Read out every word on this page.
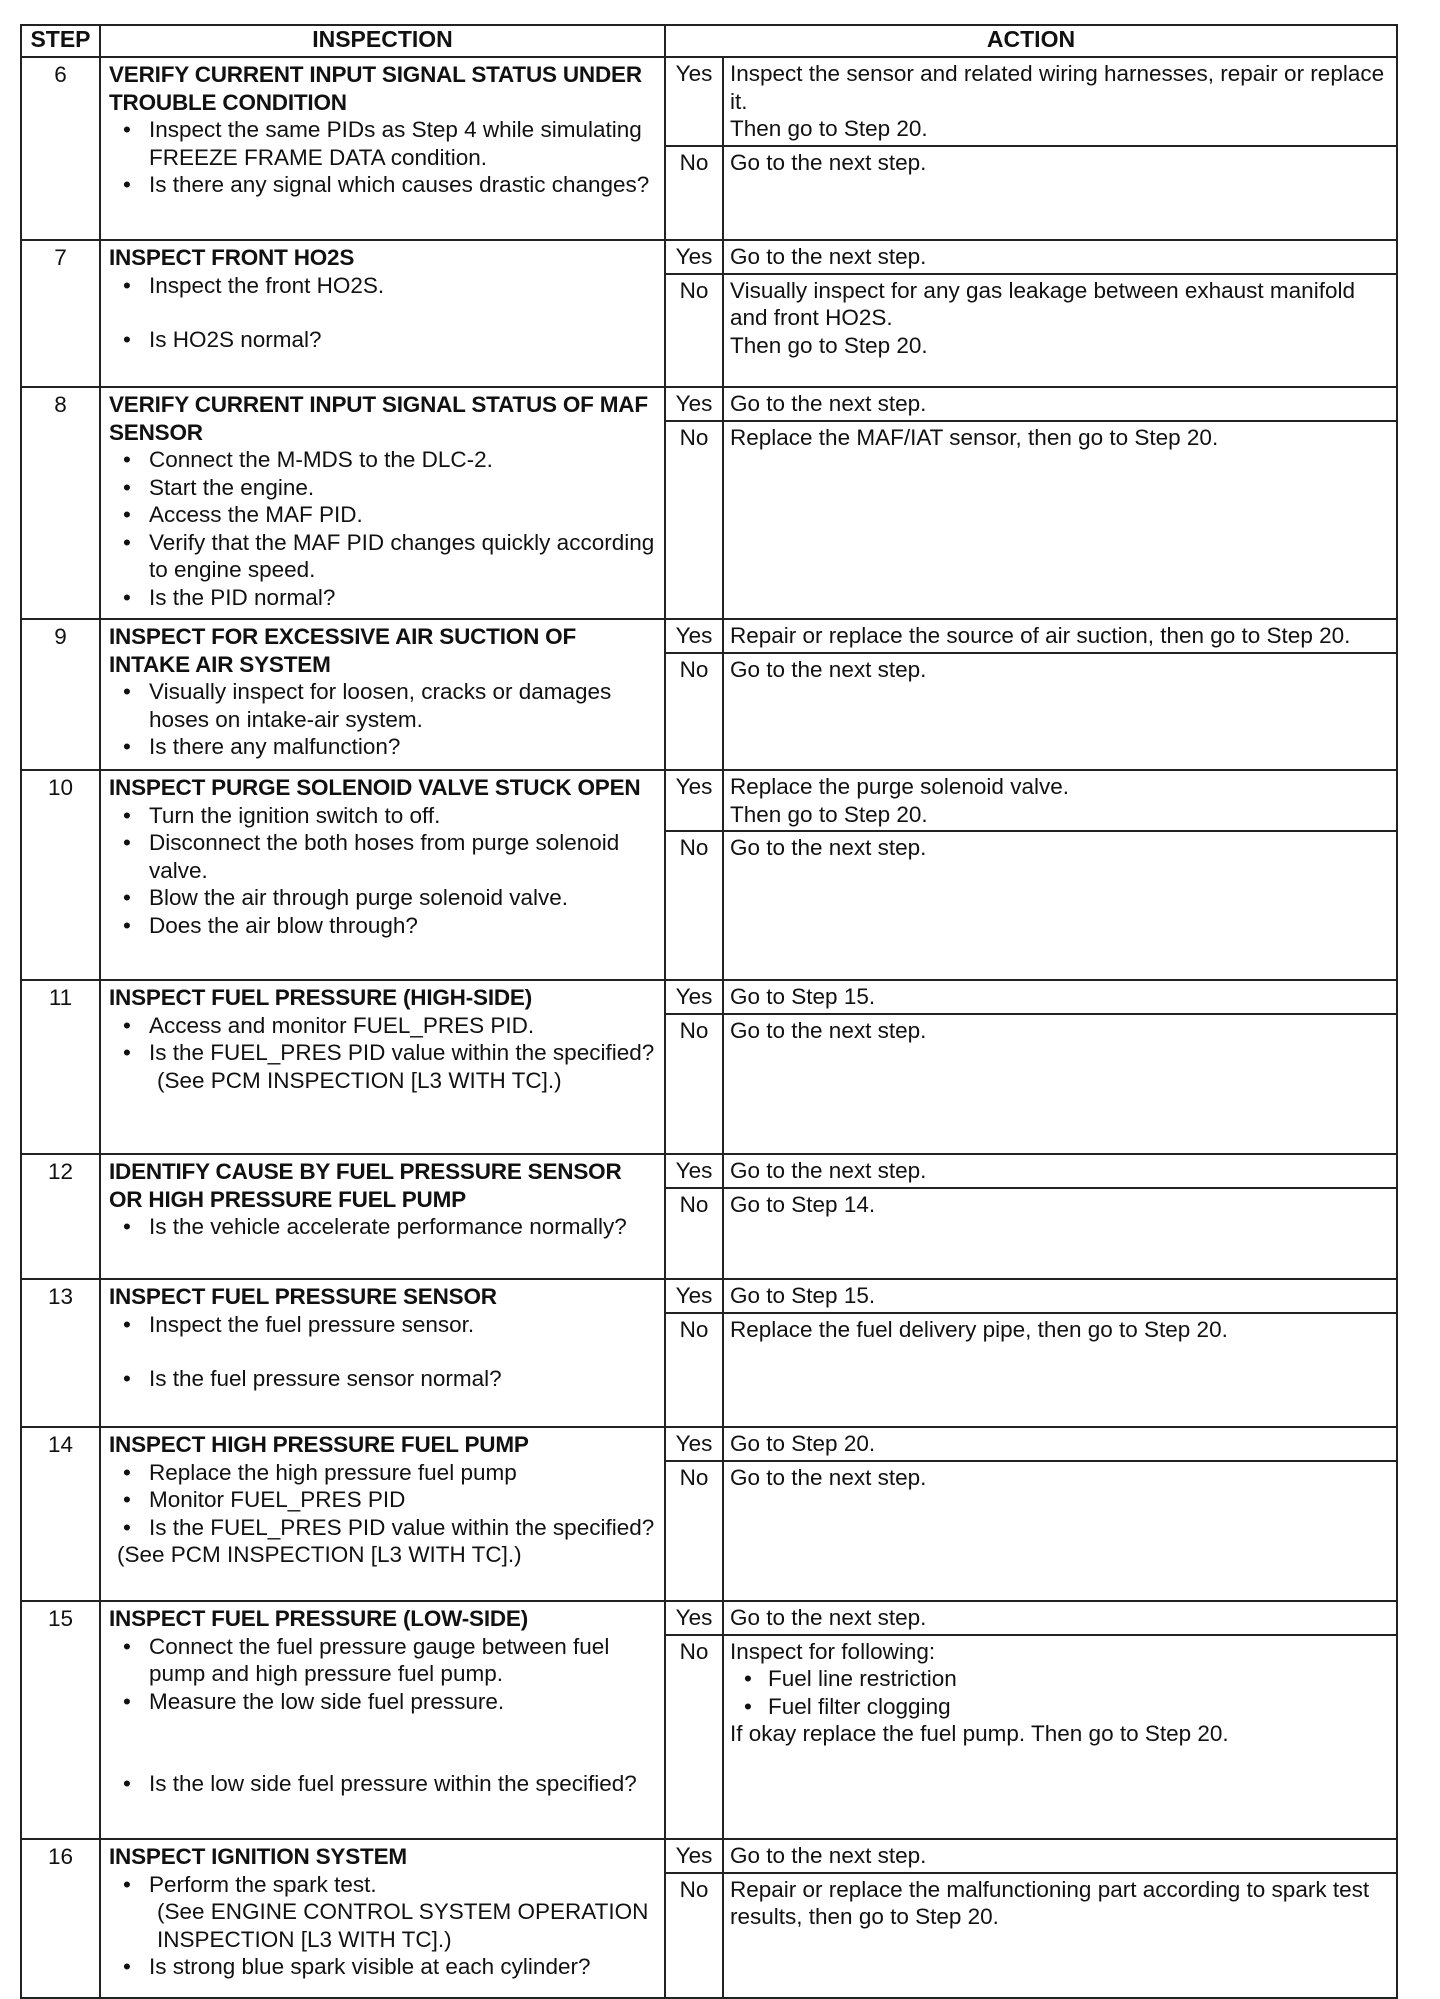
STEP	INSPECTION	ACTION
6	VERIFY CURRENT INPUT SIGNAL STATUS UNDER TROUBLE CONDITION
• Inspect the same PIDs as Step 4 while simulating FREEZE FRAME DATA condition.
• Is there any signal which causes drastic changes?

Yes	Inspect the sensor and related wiring harnesses, repair or replace it.
Then go to Step 20.

No	Go to the next step.

7	INSPECT FRONT HO2S
• Inspect the front HO2S.
• Is HO2S normal?

Yes	Go to the next step.

No	Visually inspect for any gas leakage between exhaust manifold and front HO2S.
Then go to Step 20.

8	VERIFY CURRENT INPUT SIGNAL STATUS OF MAF SENSOR
• Connect the M-MDS to the DLC-2.
• Start the engine.
• Access the MAF PID.
• Verify that the MAF PID changes quickly according to engine speed.
• Is the PID normal?

Yes	Go to the next step.

No	Replace the MAF/IAT sensor, then go to Step 20.

9	INSPECT FOR EXCESSIVE AIR SUCTION OF INTAKE AIR SYSTEM
• Visually inspect for loosen, cracks or damages hoses on intake-air system.
• Is there any malfunction?

Yes	Repair or replace the source of air suction, then go to Step 20.

No	Go to the next step.

10	INSPECT PURGE SOLENOID VALVE STUCK OPEN
• Turn the ignition switch to off.
• Disconnect the both hoses from purge solenoid valve.
• Blow the air through purge solenoid valve.
• Does the air blow through?

Yes	Replace the purge solenoid valve.
Then go to Step 20.

No	Go to the next step.

11	INSPECT FUEL PRESSURE (HIGH-SIDE)
• Access and monitor FUEL_PRES PID.
• Is the FUEL_PRES PID value within the specified?
(See PCM INSPECTION [L3 WITH TC].)

Yes	Go to Step 15.

No	Go to the next step.

12	IDENTIFY CAUSE BY FUEL PRESSURE SENSOR OR HIGH PRESSURE FUEL PUMP
• Is the vehicle accelerate performance normally?

Yes	Go to the next step.

No	Go to Step 14.

13	INSPECT FUEL PRESSURE SENSOR
• Inspect the fuel pressure sensor.
• Is the fuel pressure sensor normal?

Yes	Go to Step 15.

No	Replace the fuel delivery pipe, then go to Step 20.

14	INSPECT HIGH PRESSURE FUEL PUMP
• Replace the high pressure fuel pump
• Monitor FUEL_PRES PID
• Is the FUEL_PRES PID value within the specified?
(See PCM INSPECTION [L3 WITH TC].)

Yes	Go to Step 20.

No	Go to the next step.

15	INSPECT FUEL PRESSURE (LOW-SIDE)
• Connect the fuel pressure gauge between fuel pump and high pressure fuel pump.
• Measure the low side fuel pressure.
• Is the low side fuel pressure within the specified?

Yes	Go to the next step.

No	Inspect for following:
• Fuel line restriction
• Fuel filter clogging
If okay replace the fuel pump. Then go to Step 20.

16	INSPECT IGNITION SYSTEM
• Perform the spark test.
(See ENGINE CONTROL SYSTEM OPERATION INSPECTION [L3 WITH TC].)
• Is strong blue spark visible at each cylinder?

Yes	Go to the next step.

No	Repair or replace the malfunctioning part according to spark test results, then go to Step 20.
